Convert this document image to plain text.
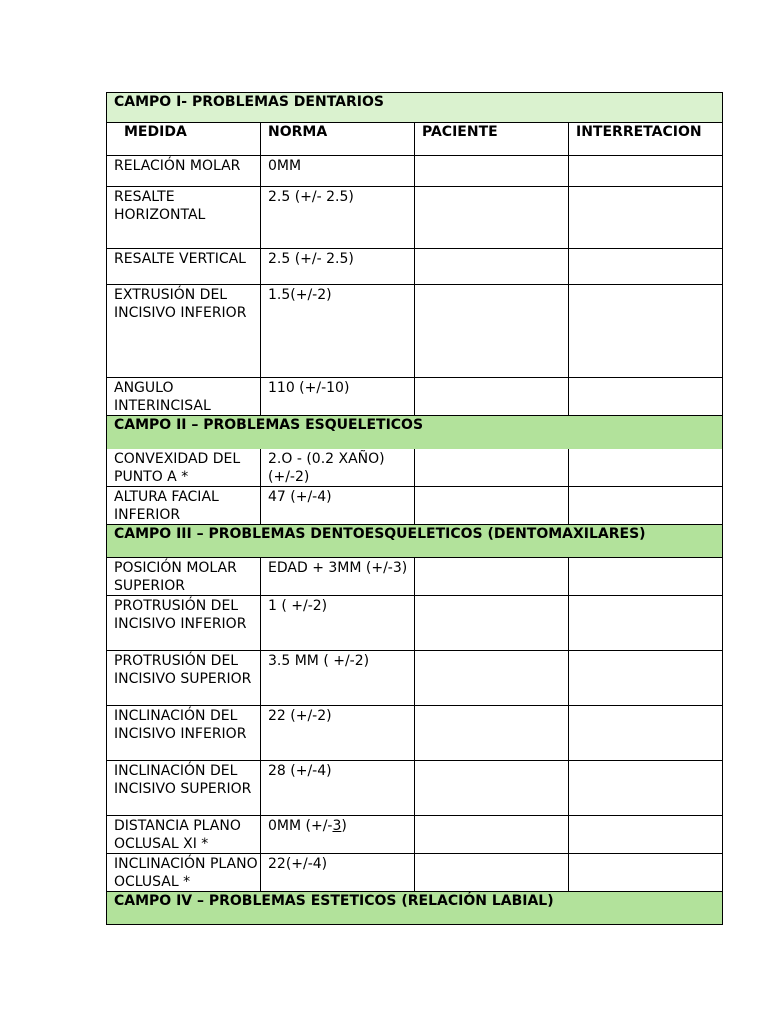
CAMPO I- PROBLEMAS DENTARIOS			
MEDIDA	NORMA	PACIENTE	INTERRETACION
RELACIÓN MOLAR	0MM		
RESALTE HORIZONTAL	2.5 (+/- 2.5)		
RESALTE VERTICAL	2.5 (+/- 2.5)		
EXTRUSIÓN DEL INCISIVO INFERIOR	1.5(+/-2)		
ANGULO INTERINCISAL	110 (+/-10)		
CAMPO II – PROBLEMAS ESQUELETICOS			
CONVEXIDAD DEL PUNTO A *	2.O - (0.2 XAÑO) (+/-2)		
ALTURA FACIAL INFERIOR	47 (+/-4)		
CAMPO III – PROBLEMAS DENTOESQUELETICOS (DENTOMAXILARES)			
POSICIÓN MOLAR SUPERIOR	EDAD + 3MM (+/-3)		
PROTRUSIÓN DEL INCISIVO INFERIOR	1 ( +/-2)		
PROTRUSIÓN DEL INCISIVO SUPERIOR	3.5 MM ( +/-2)		
INCLINACIÓN DEL INCISIVO INFERIOR	22 (+/-2)		
INCLINACIÓN DEL INCISIVO SUPERIOR	28 (+/-4)		
DISTANCIA PLANO OCLUSAL XI *	0MM (+/-3)		
INCLINACIÓN PLANO OCLUSAL *	22(+/-4)		
CAMPO IV – PROBLEMAS ESTETICOS (RELACIÓN LABIAL)			
